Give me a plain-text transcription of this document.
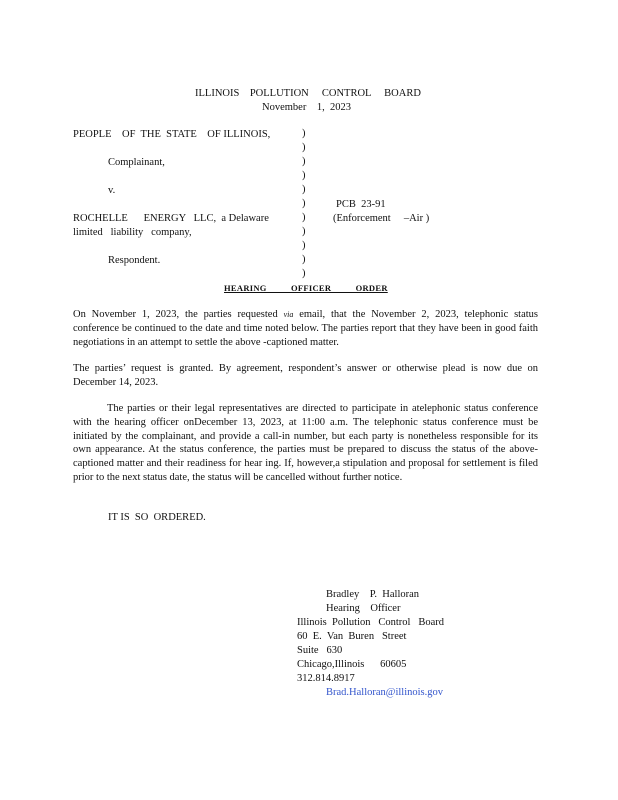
ILLINOIS    POLLUTION     CONTROL     BOARD
November    1,  2023
PEOPLE    OF  THE  STATE    OF ILLINOIS,
Complainant,
v.
ROCHELLE      ENERGY   LLC,  a Delaware
limited   liability   company,
Respondent.
)
)
)
)
)
)
)
)
)
)
)
PCB  23-91
(Enforcement     –Air )
HEARING          OFFICER          ORDER
On November 1, 2023, the parties requested via email, that the November 2, 2023, telephonic status conference be continued to the date and time noted below. The parties report that they have been in good faith negotiations in an attempt to settle the above -captioned matter.
The parties’ request is granted. By agreement, respondent’s answer or otherwise plead is now due on December 14, 2023.
The parties or their legal representatives are directed to participate in atelephonic status conference with the hearing officer onDecember 13, 2023, at 11:00 a.m. The telephonic status conference must be initiated by the complainant, and provide a call-in number, but each party is nonetheless responsible for its own appearance. At the status conference, the parties must be prepared to discuss the status of the above- captioned matter and their readiness for hear ing. If, however,a stipulation and proposal for settlement is filed prior to the next status date, the status will be cancelled without further notice.
IT IS  SO  ORDERED.
Bradley    P.  Halloran
Hearing    Officer
Illinois  Pollution   Control   Board
60  E.  Van  Buren   Street
Suite   630
Chicago,Illinois      60605
312.814.8917
Brad.Halloran@illinois.gov
